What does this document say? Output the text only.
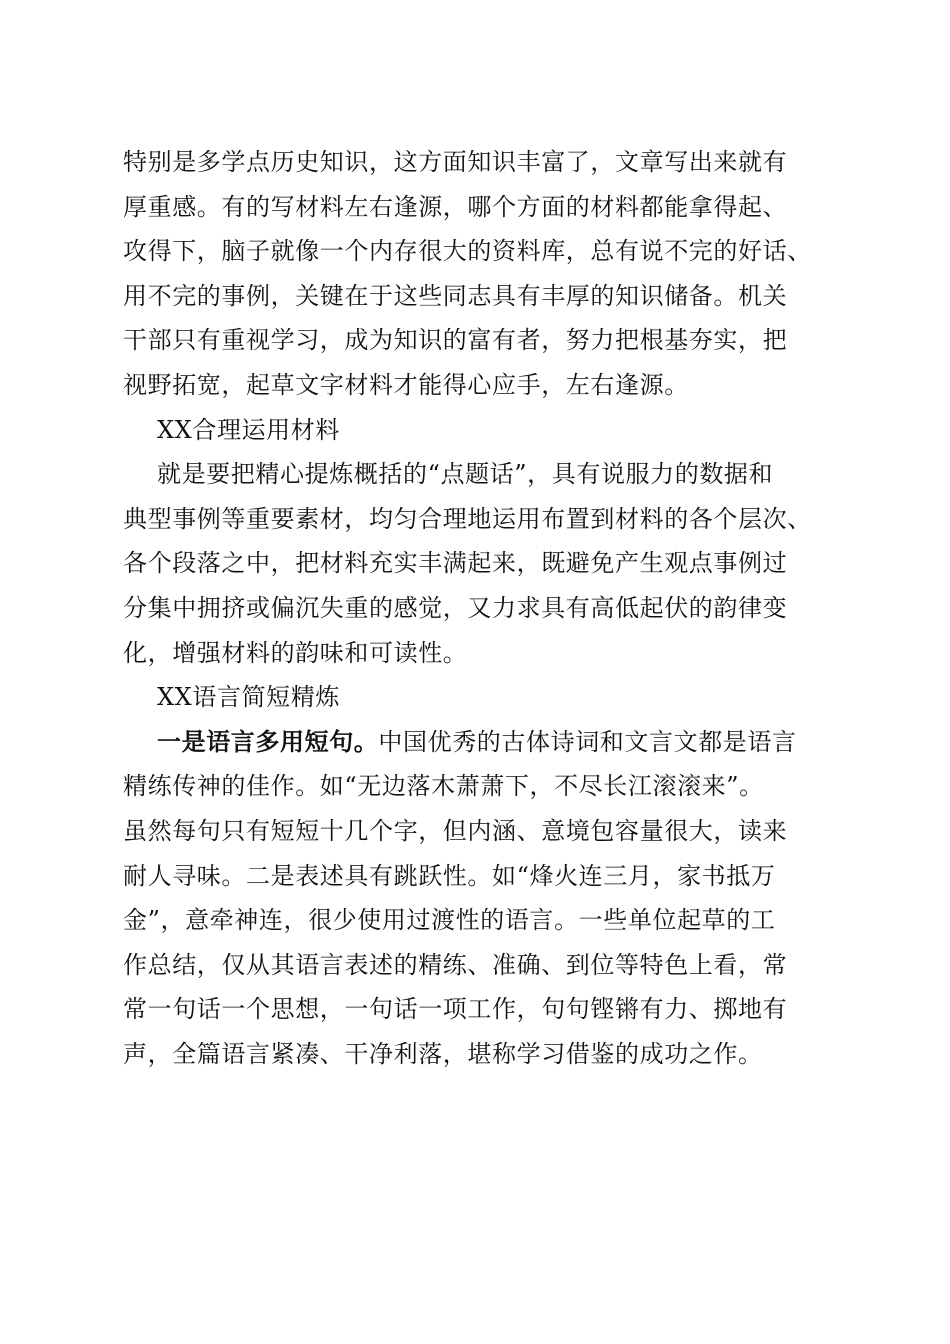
特别是多学点历史知识，这方面知识丰富了，文章写出来就有
厚重感。有的写材料左右逢源，哪个方面的材料都能拿得起、
攻得下，脑子就像一个内存很大的资料库，总有说不完的好话、
用不完的事例，关键在于这些同志具有丰厚的知识储备。机关
干部只有重视学习，成为知识的富有者，努力把根基夯实，把
视野拓宽，起草文字材料才能得心应手，左右逢源。
XX合理运用材料
就是要把精心提炼概括的“点题话”，具有说服力的数据和
典型事例等重要素材，均匀合理地运用布置到材料的各个层次、
各个段落之中，把材料充实丰满起来，既避免产生观点事例过
分集中拥挤或偏沉失重的感觉，又力求具有高低起伏的韵律变
化，增强材料的韵味和可读性。
XX语言简短精炼
一是语言多用短句。中国优秀的古体诗词和文言文都是语言
精练传神的佳作。如“无边落木萧萧下，不尽长江滚滚来”。
虽然每句只有短短十几个字，但内涵、意境包容量很大，读来
耐人寻味。二是表述具有跳跃性。如“烽火连三月，家书抵万
金”，意牵神连，很少使用过渡性的语言。一些单位起草的工
作总结，仅从其语言表述的精练、准确、到位等特色上看，常
常一句话一个思想，一句话一项工作，句句铿锵有力、掷地有
声，全篇语言紧凑、干净利落，堪称学习借鉴的成功之作。
